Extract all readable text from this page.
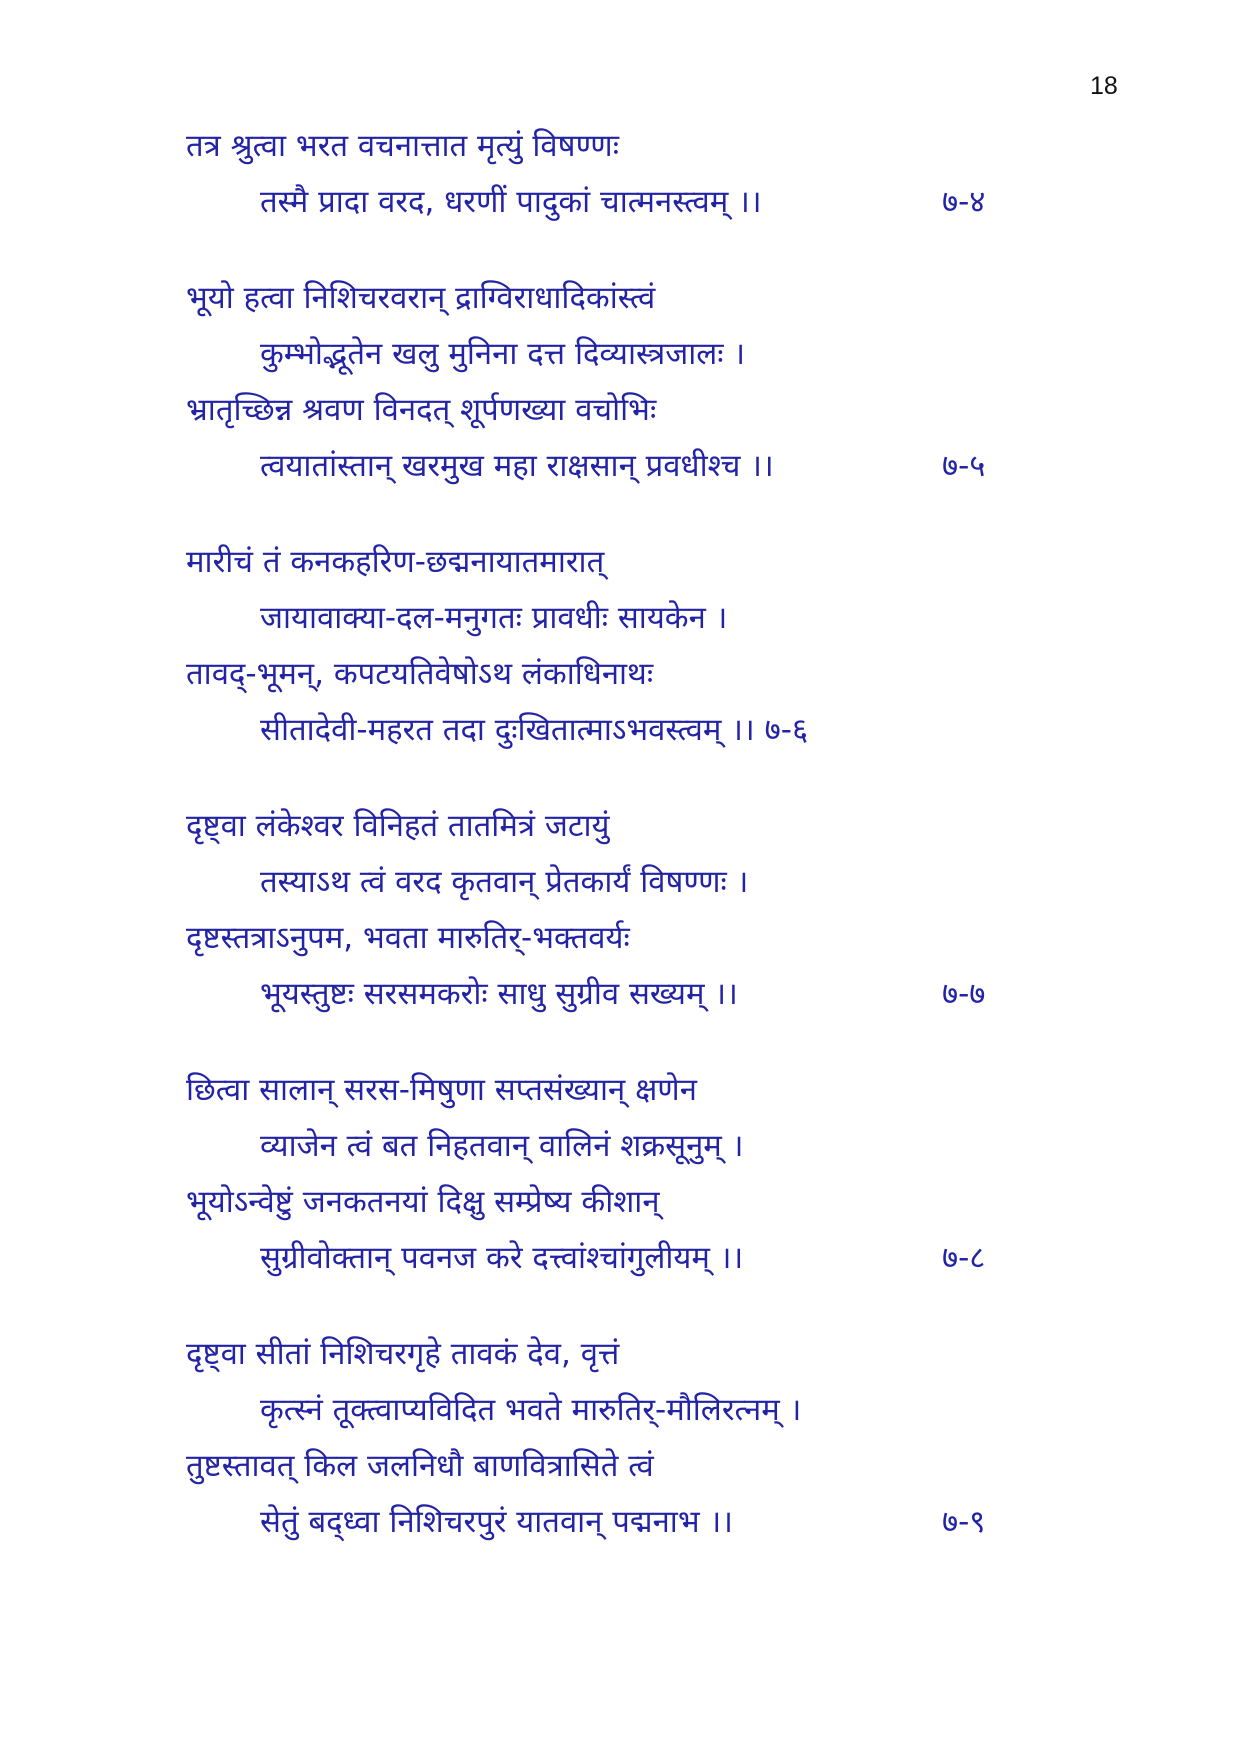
18
तत्र श्रुत्वा भरत वचनात्तात मृत्युं विषण्णः
तस्मै प्रादा वरद, धरणीं पादुकां चात्मनस्त्वम् ।।	७-४
भूयो हत्वा निशिचरवरान् द्राग्विराधादिकांस्त्वं
कुम्भोद्भूतेन खलु मुनिना दत्त दिव्यास्त्रजालः ।
भ्रातृच्छिन्न श्रवण विनदत् शूर्पणख्या वचोभिः
त्वयातांस्तान् खरमुख महा राक्षसान् प्रवधीश्च ।।	७-५
मारीचं तं कनकहरिण-छद्मनायातमारात्
जायावाक्या-दल-मनुगतः प्रावधीः सायकेन ।
तावद्-भूमन्, कपटयतिवेषोऽथ लंकाधिनाथः
सीतादेवी-महरत तदा दुःखितात्माऽभवस्त्वम् ।। ७-६
दृष्ट्वा लंकेश्वर विनिहतं तातमित्रं जटायुं
तस्याऽथ त्वं वरद कृतवान् प्रेतकार्यं विषण्णः ।
दृष्टस्तत्राऽनुपम, भवता मारुतिर्-भक्तवर्यः
भूयस्तुष्टः सरसमकरोः साधु सुग्रीव सख्यम् ।।	७-७
छित्वा सालान् सरस-मिषुणा सप्तसंख्यान् क्षणेन
व्याजेन त्वं बत निहतवान् वालिनं शक्रसूनुम् ।
भूयोऽन्वेष्टुं जनकतनयां दिक्षु सम्प्रेष्य कीशान्
सुग्रीवोक्तान् पवनज करे दत्त्वांश्चांगुलीयम् ।।	७-८
दृष्ट्वा सीतां निशिचरगृहे तावकं देव, वृत्तं
कृत्स्नं तूक्त्वाप्यविदित भवते मारुतिर्-मौलिरत्नम् ।
तुष्टस्तावत् किल जलनिधौ बाणवित्रासिते त्वं
सेतुं बद्ध्वा निशिचरपुरं यातवान् पद्मनाभ ।।	७-९
